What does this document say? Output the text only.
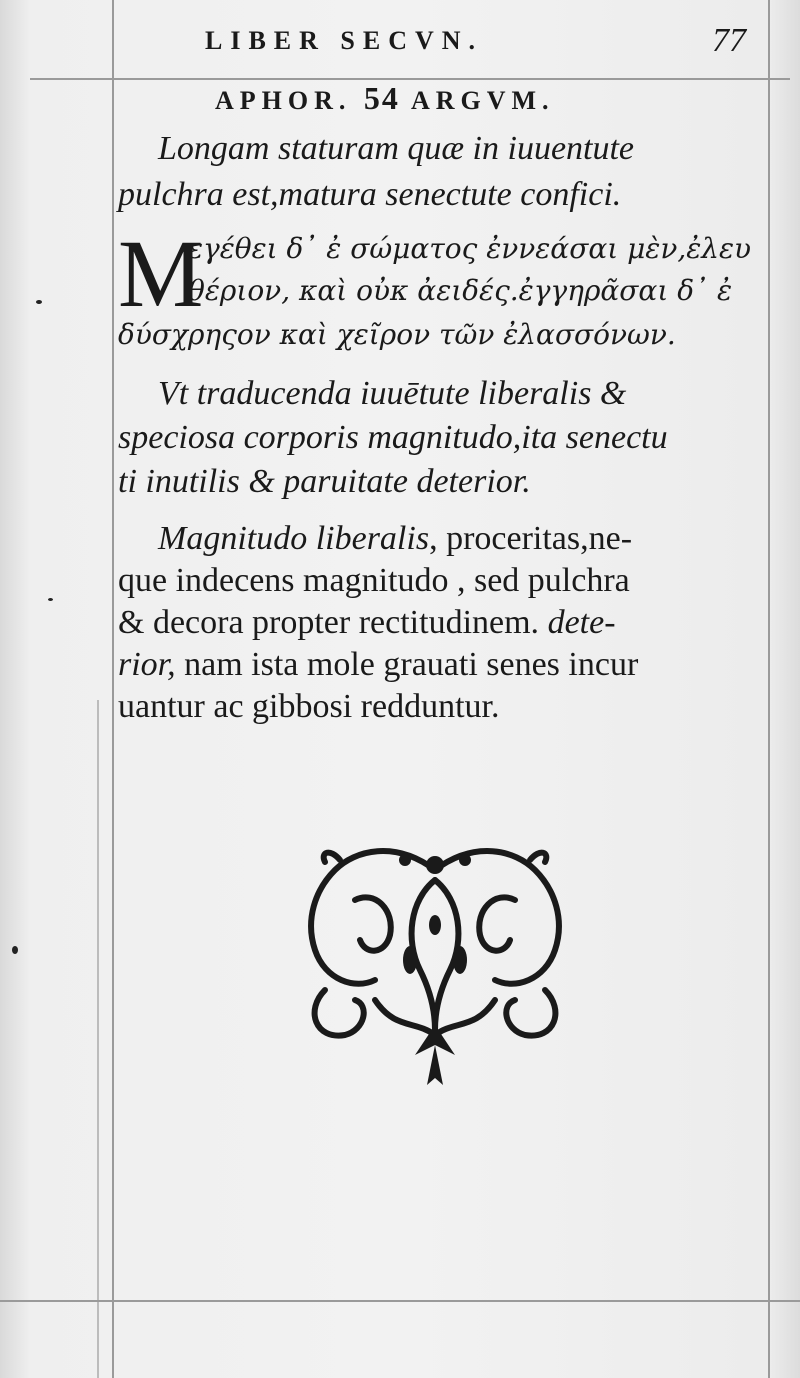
LIBER SECVN.	77
APHOR. 54 ARGVM.
Longam staturam quæ in iuuentute
pulchra est,matura senectute confici.
M
εγέθει δ᾽ ἐ σώματος ἐννεάσαι μὲν,ἐλευ
θέριον, καὶ οὐκ ἀειδές.ἐγγηρᾶσαι δ᾽ ἐ
δύσχρηςον καὶ χεῖρον τῶν ἐλασσόνων.
Vt traducenda iuuētute liberalis &
speciosa corporis magnitudo,ita senectu
ti inutilis & paruitate deterior.
Magnitudo liberalis, proceritas,ne-
que indecens magnitudo , sed pulchra
& decora propter rectitudinem. dete-
rior, nam ista mole grauati senes incur
uantur ac gibbosi redduntur.
